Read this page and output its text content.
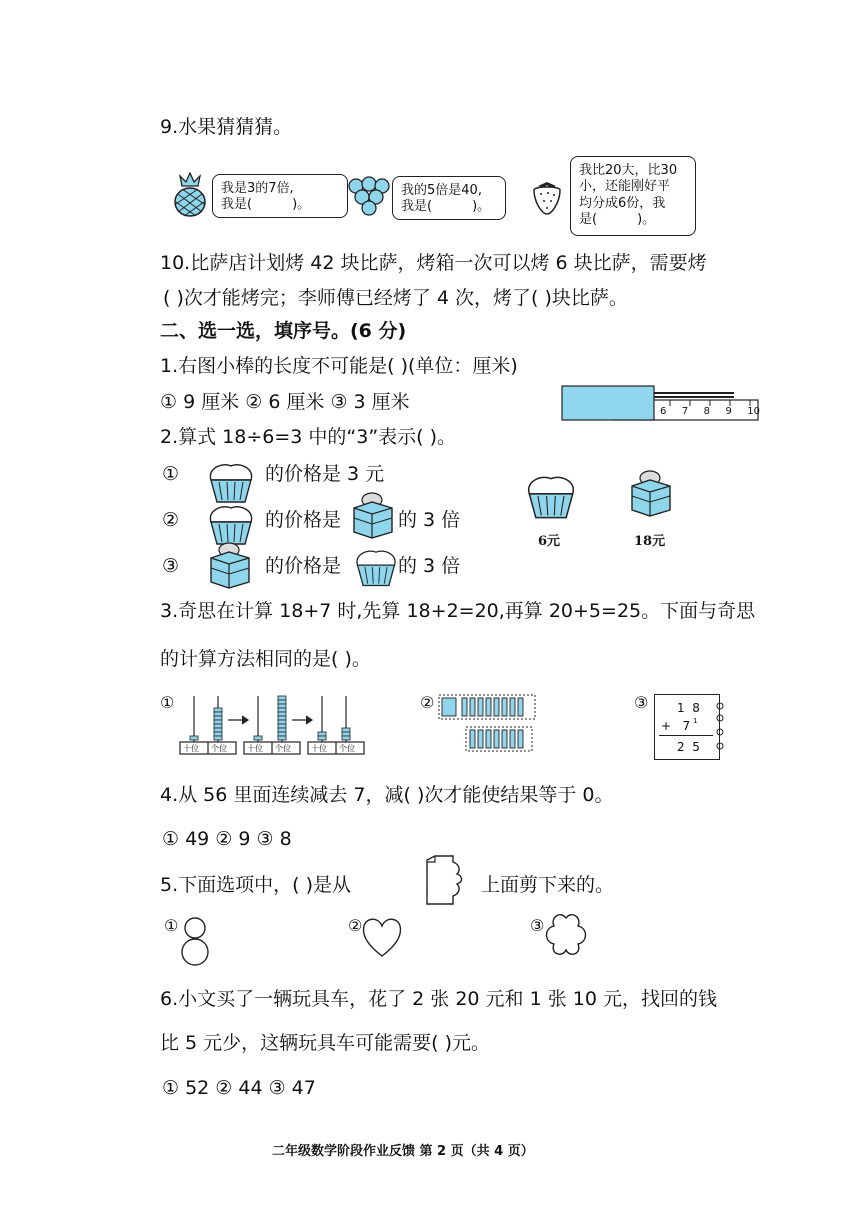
9.水果猜猜猜。
我是3的7倍,
我是(	)。
我的5倍是40,
我是(	)。
我比20大，比30
小，还能刚好平
均分成6份，我
是(	)。
10.比萨店计划烤 42 块比萨，烤箱一次可以烤 6 块比萨，需要烤
( )次才能烤完；李师傅已经烤了 4 次，烤了( )块比萨。
二、选一选，填序号。(6 分)
1.右图小棒的长度不可能是( )(单位：厘米)
① 9 厘米 ② 6 厘米 ③ 3 厘米	6 7 8 9 10
2.算式 18÷6=3 中的“3”表示( )。
①	的价格是 3 元
②	的价格是	的 3 倍
③	的价格是	的 3 倍
6元	18元
3.奇思在计算 18+7 时,先算 18+2=20,再算 20+5=25。下面与奇思
的计算方法相同的是( )。
①
十位 个位	十位 个位	十位 个位
②	③ 1  8
1
+   7
2  5
4.从 56 里面连续减去 7，减( )次才能使结果等于 0。
① 49 ② 9 ③ 8
5.下面选项中，( )是从	上面剪下来的。
①	②	③
6.小文买了一辆玩具车，花了 2 张 20 元和 1 张 10 元，找回的钱
比 5 元少，这辆玩具车可能需要( )元。
① 52 ② 44 ③ 47
二年级数学阶段作业反馈 第 2 页（共 4 页）
